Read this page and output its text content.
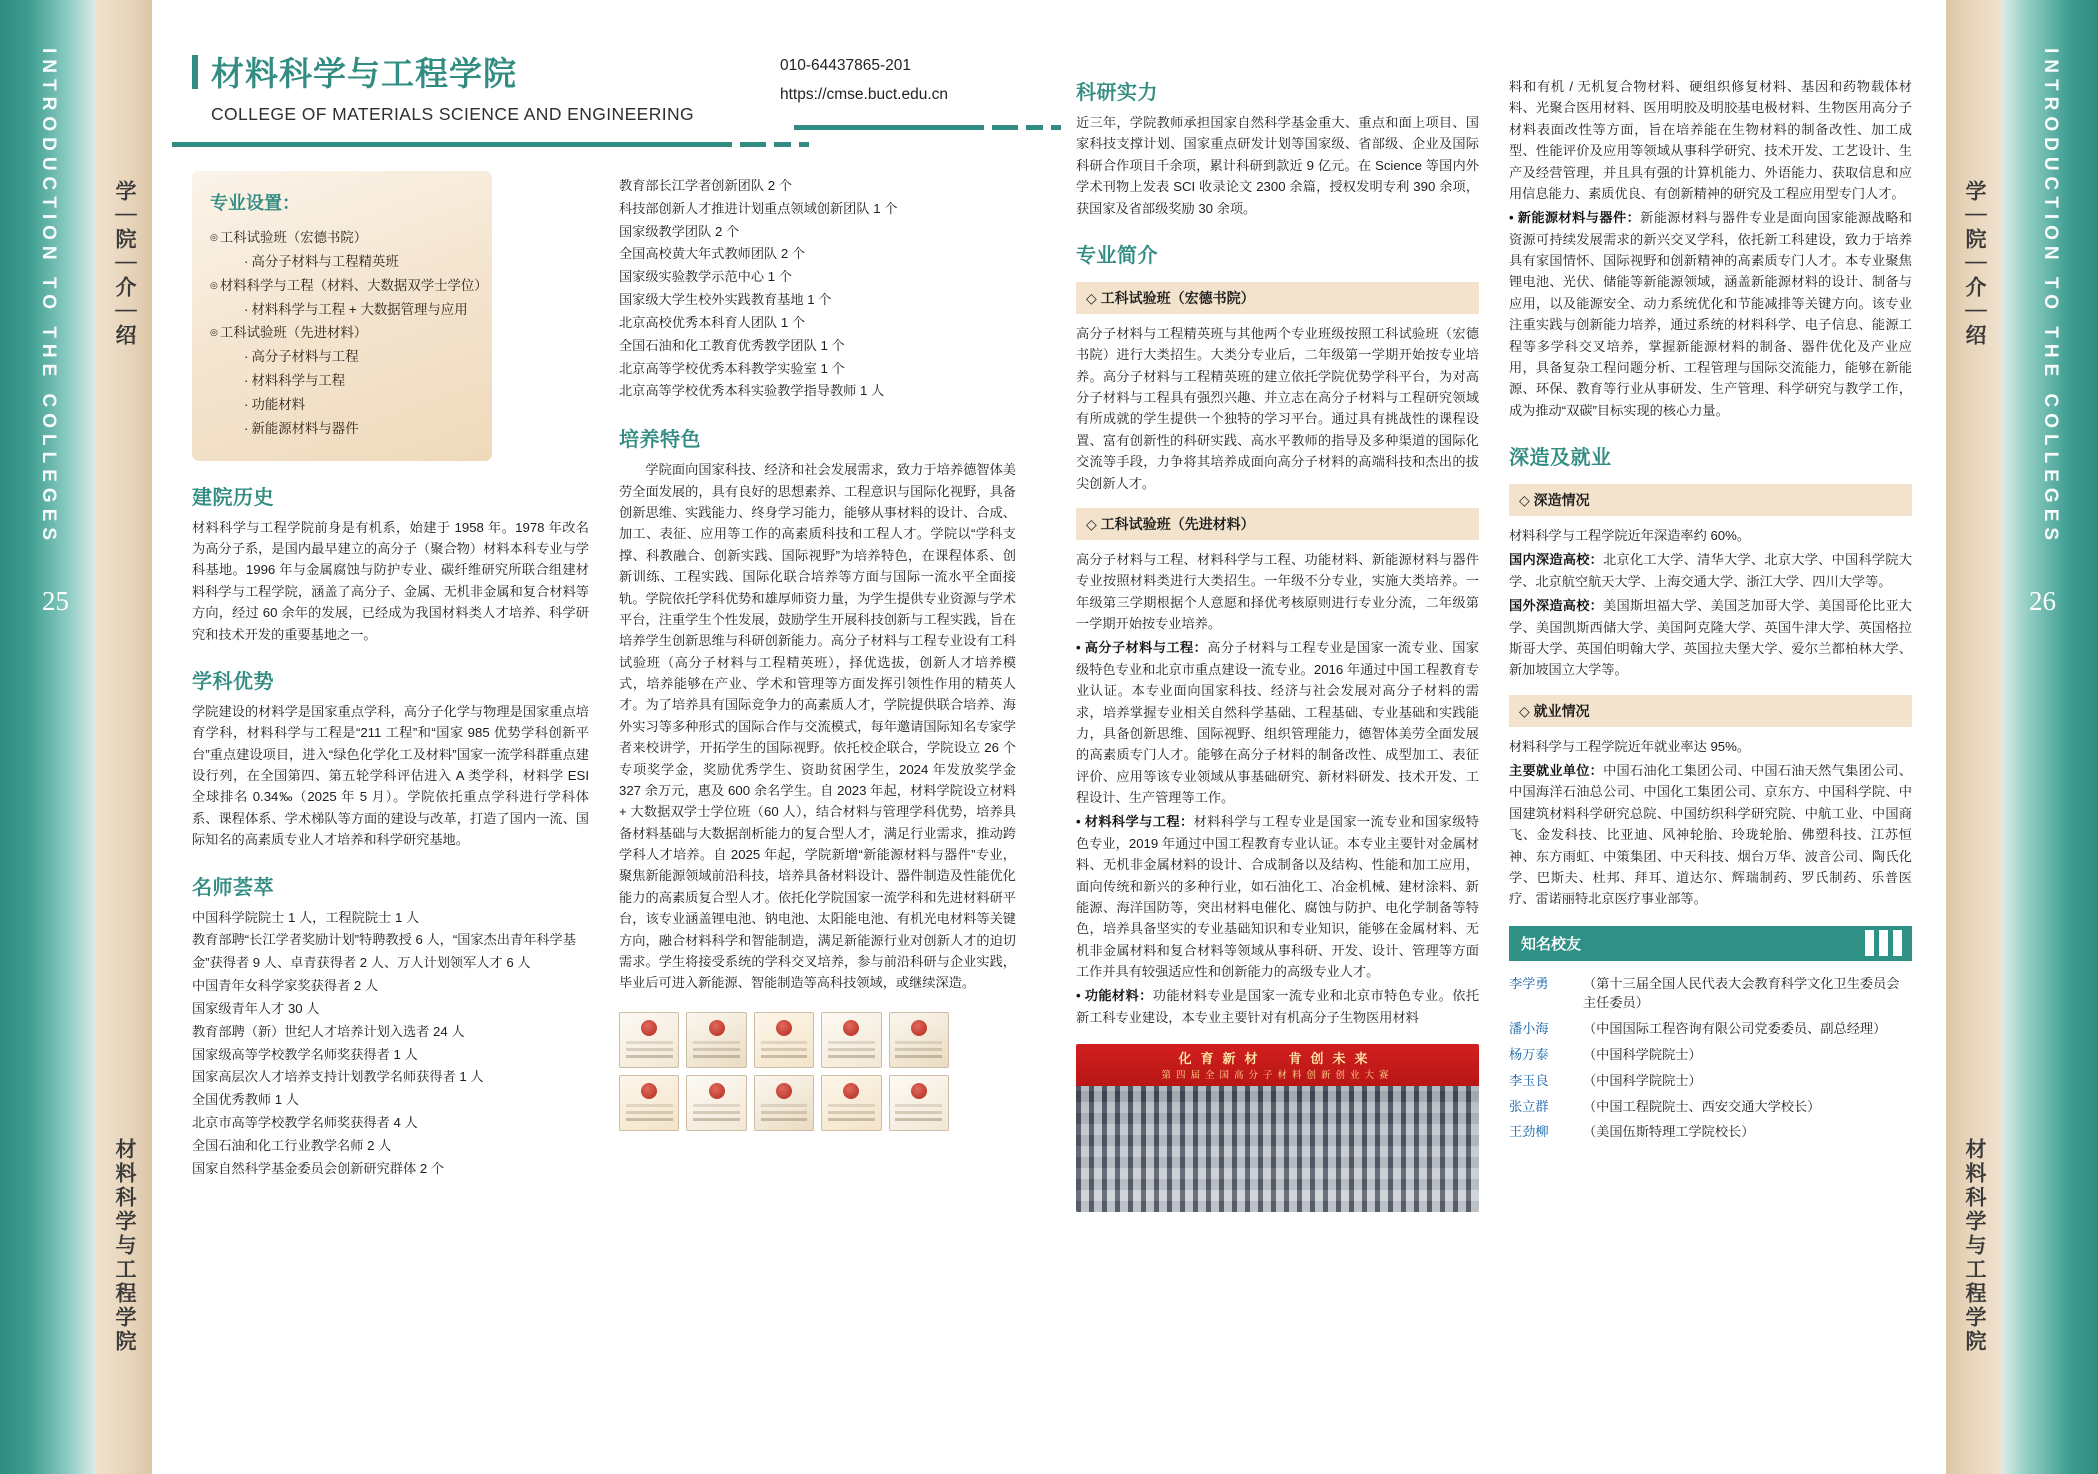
INTRODUCTION TO THE COLLEGES
25
学｜院｜介｜绍
材料科学与工程学院
材料科学与工程学院
COLLEGE OF MATERIALS SCIENCE AND ENGINEERING
010-64437865-201
https://cmse.buct.edu.cn
专业设置：
◎ 工科试验班（宏德书院）
· 高分子材料与工程精英班
◎ 材料科学与工程（材料、大数据双学士学位）
· 材料科学与工程 + 大数据管理与应用
◎ 工科试验班（先进材料）
· 高分子材料与工程
· 材料科学与工程
· 功能材料
· 新能源材料与器件
建院历史

材料科学与工程学院前身是有机系，始建于 1958 年。1978 年改名为高分子系，是国内最早建立的高分子（聚合物）材料本科专业与学科基地。1996 年与金属腐蚀与防护专业、碳纤维研究所联合组建材料科学与工程学院，涵盖了高分子、金属、无机非金属和复合材料等方向，经过 60 余年的发展，已经成为我国材料类人才培养、科学研究和技术开发的重要基地之一。

学科优势

学院建设的材料学是国家重点学科，高分子化学与物理是国家重点培育学科，材料科学与工程是“211 工程”和“国家 985 优势学科创新平台”重点建设项目，进入“绿色化学化工及材料”国家一流学科群重点建设行列，在全国第四、第五轮学科评估进入 A 类学科，材料学 ESI 全球排名 0.34‰（2025 年 5 月）。学院依托重点学科进行学科体系、课程体系、学术梯队等方面的建设与改革，打造了国内一流、国际知名的高素质专业人才培养和科学研究基地。

名师荟萃
中国科学院院士 1 人，工程院院士 1 人
教育部聘“长江学者奖励计划”特聘教授 6 人，“国家杰出青年科学基金”获得者 9 人、卓青获得者 2 人、万人计划领军人才 6 人
中国青年女科学家奖获得者 2 人
国家级青年人才 30 人
教育部聘（新）世纪人才培养计划入选者 24 人
国家级高等学校教学名师奖获得者 1 人
国家高层次人才培养支持计划教学名师获得者 1 人
全国优秀教师 1 人
北京市高等学校教学名师奖获得者 4 人
全国石油和化工行业教学名师 2 人
国家自然科学基金委员会创新研究群体 2 个
教育部长江学者创新团队 2 个
科技部创新人才推进计划重点领域创新团队 1 个
国家级教学团队 2 个
全国高校黄大年式教师团队 2 个
国家级实验教学示范中心 1 个
国家级大学生校外实践教育基地 1 个
北京高校优秀本科育人团队 1 个
全国石油和化工教育优秀教学团队 1 个
北京高等学校优秀本科教学实验室 1 个
北京高等学校优秀本科实验教学指导教师 1 人
培养特色

学院面向国家科技、经济和社会发展需求，致力于培养德智体美劳全面发展的，具有良好的思想素养、工程意识与国际化视野，具备创新思维、实践能力、终身学习能力，能够从事材料的设计、合成、加工、表征、应用等工作的高素质科技和工程人才。学院以“学科支撑、科教融合、创新实践、国际视野”为培养特色，在课程体系、创新训练、工程实践、国际化联合培养等方面与国际一流水平全面接轨。学院依托学科优势和雄厚师资力量，为学生提供专业资源与学术平台，注重学生个性发展，鼓励学生开展科技创新与工程实践，旨在培养学生创新思维与科研创新能力。高分子材料与工程专业设有工科试验班（高分子材料与工程精英班），择优选拔，创新人才培养模式，培养能够在产业、学术和管理等方面发挥引领性作用的精英人才。为了培养具有国际竞争力的高素质人才，学院提供联合培养、海外实习等多种形式的国际合作与交流模式，每年邀请国际知名专家学者来校讲学，开拓学生的国际视野。依托校企联合，学院设立 26 个专项奖学金，奖励优秀学生、资助贫困学生，2024 年发放奖学金 327 余万元，惠及 600 余名学生。自 2023 年起，材料学院设立材料 + 大数据双学士学位班（60 人），结合材料与管理学科优势，培养具备材料基础与大数据剖析能力的复合型人才，满足行业需求，推动跨学科人才培养。自 2025 年起，学院新增“新能源材料与器件”专业，聚焦新能源领域前沿科技，培养具备材料设计、器件制造及性能优化能力的高素质复合型人才。依托化学院国家一流学科和先进材料研平台，该专业涵盖锂电池、钠电池、太阳能电池、有机光电材料等关键方向，融合材料科学和智能制造，满足新能源行业对创新人才的迫切需求。学生将接受系统的学科交叉培养，参与前沿科研与企业实践，毕业后可进入新能源、智能制造等高科技领域，或继续深造。

科研实力

近三年，学院教师承担国家自然科学基金重大、重点和面上项目、国家科技支撑计划、国家重点研发计划等国家级、省部级、企业及国际科研合作项目千余项，累计科研到款近 9 亿元。在 Science 等国内外学术刊物上发表 SCI 收录论文 2300 余篇，授权发明专利 390 余项，获国家及省部级奖励 30 余项。

专业简介
◇ 工科试验班（宏德书院）

高分子材料与工程精英班与其他两个专业班级按照工科试验班（宏德书院）进行大类招生。大类分专业后，二年级第一学期开始按专业培养。高分子材料与工程精英班的建立依托学院优势学科平台，为对高分子材料与工程具有强烈兴趣、并立志在高分子材料与工程研究领域有所成就的学生提供一个独特的学习平台。通过具有挑战性的课程设置、富有创新性的科研实践、高水平教师的指导及多种渠道的国际化交流等手段，力争将其培养成面向高分子材料的高端科技和杰出的拔尖创新人才。

◇ 工科试验班（先进材料）

高分子材料与工程、材料科学与工程、功能材料、新能源材料与器件专业按照材料类进行大类招生。一年级不分专业，实施大类培养。一年级第三学期根据个人意愿和择优考核原则进行专业分流，二年级第一学期开始按专业培养。

• 高分子材料与工程：高分子材料与工程专业是国家一流专业、国家级特色专业和北京市重点建设一流专业。2016 年通过中国工程教育专业认证。本专业面向国家科技、经济与社会发展对高分子材料的需求，培养掌握专业相关自然科学基础、工程基础、专业基础和实践能力，具备创新思维、国际视野、组织管理能力，德智体美劳全面发展的高素质专门人才。能够在高分子材料的制备改性、成型加工、表征评价、应用等该专业领域从事基础研究、新材料研发、技术开发、工程设计、生产管理等工作。

• 材料科学与工程：材料科学与工程专业是国家一流专业和国家级特色专业，2019 年通过中国工程教育专业认证。本专业主要针对金属材料、无机非金属材料的设计、合成制备以及结构、性能和加工应用，面向传统和新兴的多种行业，如石油化工、冶金机械、建材涂料、新能源、海洋国防等，突出材料电催化、腐蚀与防护、电化学制备等特色，培养具备坚实的专业基础知识和专业知识，能够在金属材料、无机非金属材料和复合材料等领域从事科研、开发、设计、管理等方面工作并具有较强适应性和创新能力的高级专业人才。

• 功能材料：功能材料专业是国家一流专业和北京市特色专业。依托新工科专业建设，本专业主要针对有机高分子生物医用材料

化育新材　肯创未来
第四届全国高分子材料创新创业大赛

料和有机 / 无机复合物材料、硬组织修复材料、基因和药物载体材料、光聚合医用材料、医用明胶及明胶基电极材料、生物医用高分子材料表面改性等方面，旨在培养能在生物材料的制备改性、加工成型、性能评价及应用等领域从事科学研究、技术开发、工艺设计、生产及经营管理，并且具有强的计算机能力、外语能力、获取信息和应用信息能力、素质优良、有创新精神的研究及工程应用型专门人才。

• 新能源材料与器件：新能源材料与器件专业是面向国家能源战略和资源可持续发展需求的新兴交叉学科，依托新工科建设，致力于培养具有家国情怀、国际视野和创新精神的高素质专门人才。本专业聚焦锂电池、光伏、储能等新能源领域，涵盖新能源材料的设计、制备与应用，以及能源安全、动力系统优化和节能减排等关键方向。该专业注重实践与创新能力培养，通过系统的材料科学、电子信息、能源工程等多学科交叉培养，掌握新能源材料的制备、器件优化及产业应用，具备复杂工程问题分析、工程管理与国际交流能力，能够在新能源、环保、教育等行业从事研发、生产管理、科学研究与教学工作，成为推动“双碳”目标实现的核心力量。

深造及就业
◇ 深造情况

材料科学与工程学院近年深造率约 60%。

国内深造高校：北京化工大学、清华大学、北京大学、中国科学院大学、北京航空航天大学、上海交通大学、浙江大学、四川大学等。

国外深造高校：美国斯坦福大学、美国芝加哥大学、美国哥伦比亚大学、美国凯斯西储大学、美国阿克隆大学、英国牛津大学、英国格拉斯哥大学、英国伯明翰大学、英国拉夫堡大学、爱尔兰都柏林大学、新加坡国立大学等。

◇ 就业情况

材料科学与工程学院近年就业率达 95%。

主要就业单位：中国石油化工集团公司、中国石油天然气集团公司、中国海洋石油总公司、中国化工集团公司、京东方、中国科学院、中国建筑材料科学研究总院、中国纺织科学研究院、中航工业、中国商飞、金发科技、比亚迪、风神轮胎、玲珑轮胎、佛塑科技、江苏恒神、东方雨虹、中策集团、中天科技、烟台万华、波音公司、陶氏化学、巴斯夫、杜邦、拜耳、道达尔、辉瑞制药、罗氏制药、乐普医疗、雷诺丽特北京医疗事业部等。

知名校友
李学勇	（第十三届全国人民代表大会教育科学文化卫生委员会主任委员）
潘小海	（中国国际工程咨询有限公司党委委员、副总经理）
杨万泰	（中国科学院院士）
李玉良	（中国科学院院士）
张立群	（中国工程院院士、西安交通大学校长）
王劲柳	（美国伍斯特理工学院校长）
学｜院｜介｜绍
材料科学与工程学院
INTRODUCTION TO THE COLLEGES
26
